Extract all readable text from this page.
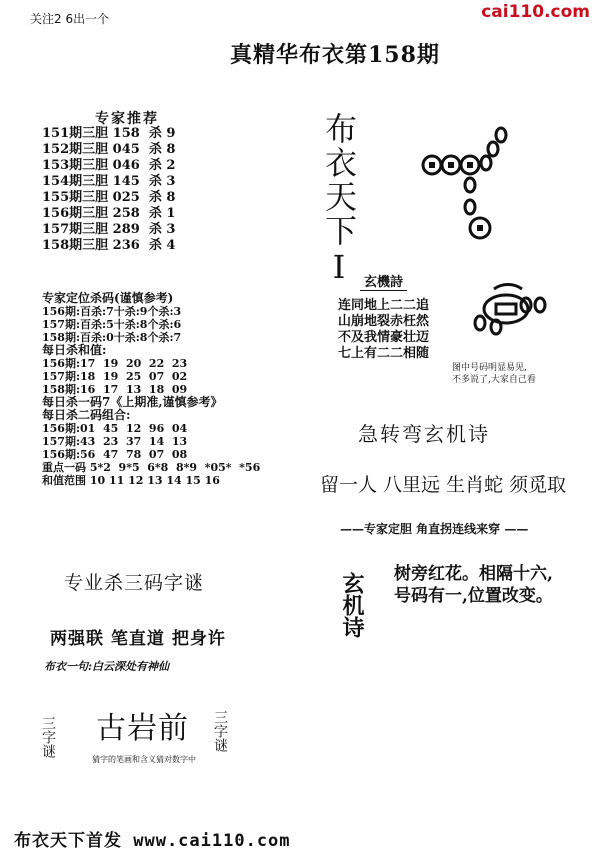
关注2 6出一个	cai110.com
真精华布衣第158期
专家推荐
151期三胆 158  杀 9
152期三胆 045  杀 8
153期三胆 046  杀 2
154期三胆 145  杀 3
155期三胆 025  杀 8
156期三胆 258  杀 1
157期三胆 289  杀 3
158期三胆 236  杀 4	布衣天下I
专家定位杀码(谨慎参考)
156期:百杀:7十杀:9个杀:3
157期:百杀:5十杀:8个杀:6
158期:百杀:0十杀:8个杀:7
每日杀和值:
156期:17  19  20  22  23
157期:18  19  25  07  02
158期:16  17  13  18  09
每日杀一码7《上期准,谨慎参考》
每日杀二码组合:
156期:01  45  12  96  04
157期:43  23  37  14  13
156期:56  47  78  07  08
重点一码 5*2  9*5  6*8  8*9  *05*  *56
和值范围 10 11 12 13 14 15 16
玄機詩
连同地上二二追
山崩地裂赤枉然
不及我情豪壮迈
七上有二二相随
图中号码明显易见,
不多说了,大家自己看
急转弯玄机诗
留一人 八里远 生肖蛇 须觅取
——专家定胆 角直拐连线来穿 ——
玄机诗 树旁红花。相隔十六,
号码有一,位置改变。
专业杀三码字谜
两强联 笔直道 把身许
布衣一句:白云深处有神仙
三字谜	三字谜
古岩前
猜字的笔画和含义猜对数字中
布衣天下首发 www.cai110.com
